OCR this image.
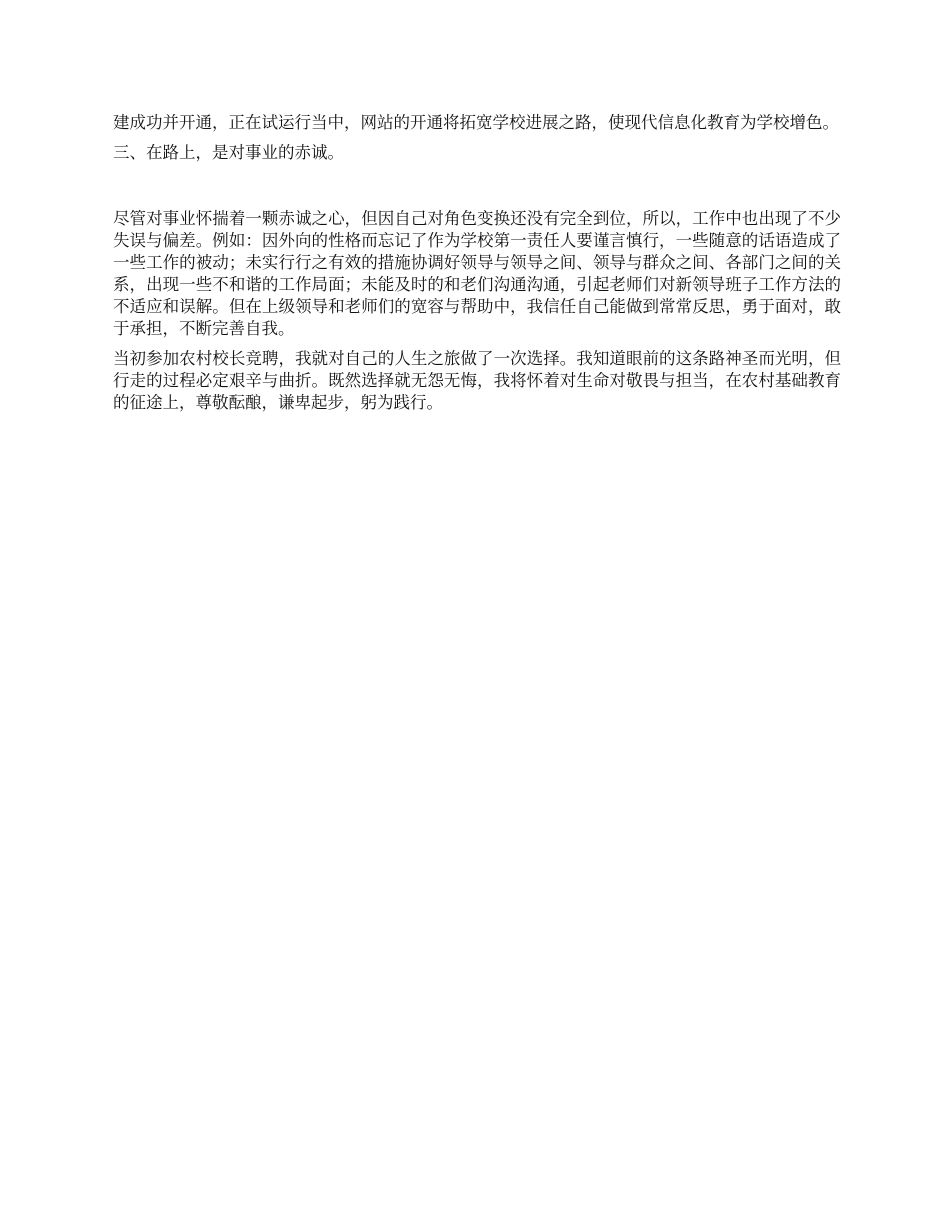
建成功并开通，正在试运行当中，网站的开通将拓宽学校进展之路，使现代信息化教育为学校增色。

三、在路上，是对事业的赤诚。

尽管对事业怀揣着一颗赤诚之心，但因自己对角色变换还没有完全到位，所以，工作中也出现了不少失误与偏差。例如：因外向的性格而忘记了作为学校第一责任人要谨言慎行，一些随意的话语造成了一些工作的被动；未实行行之有效的措施协调好领导与领导之间、领导与群众之间、各部门之间的关系，出现一些不和谐的工作局面；未能及时的和老们沟通沟通，引起老师们对新领导班子工作方法的不适应和误解。但在上级领导和老师们的宽容与帮助中，我信任自己能做到常常反思，勇于面对，敢于承担，不断完善自我。

当初参加农村校长竞聘，我就对自己的人生之旅做了一次选择。我知道眼前的这条路神圣而光明，但行走的过程必定艰辛与曲折。既然选择就无怨无悔，我将怀着对生命对敬畏与担当，在农村基础教育的征途上，尊敬酝酿，谦卑起步，躬为践行。
